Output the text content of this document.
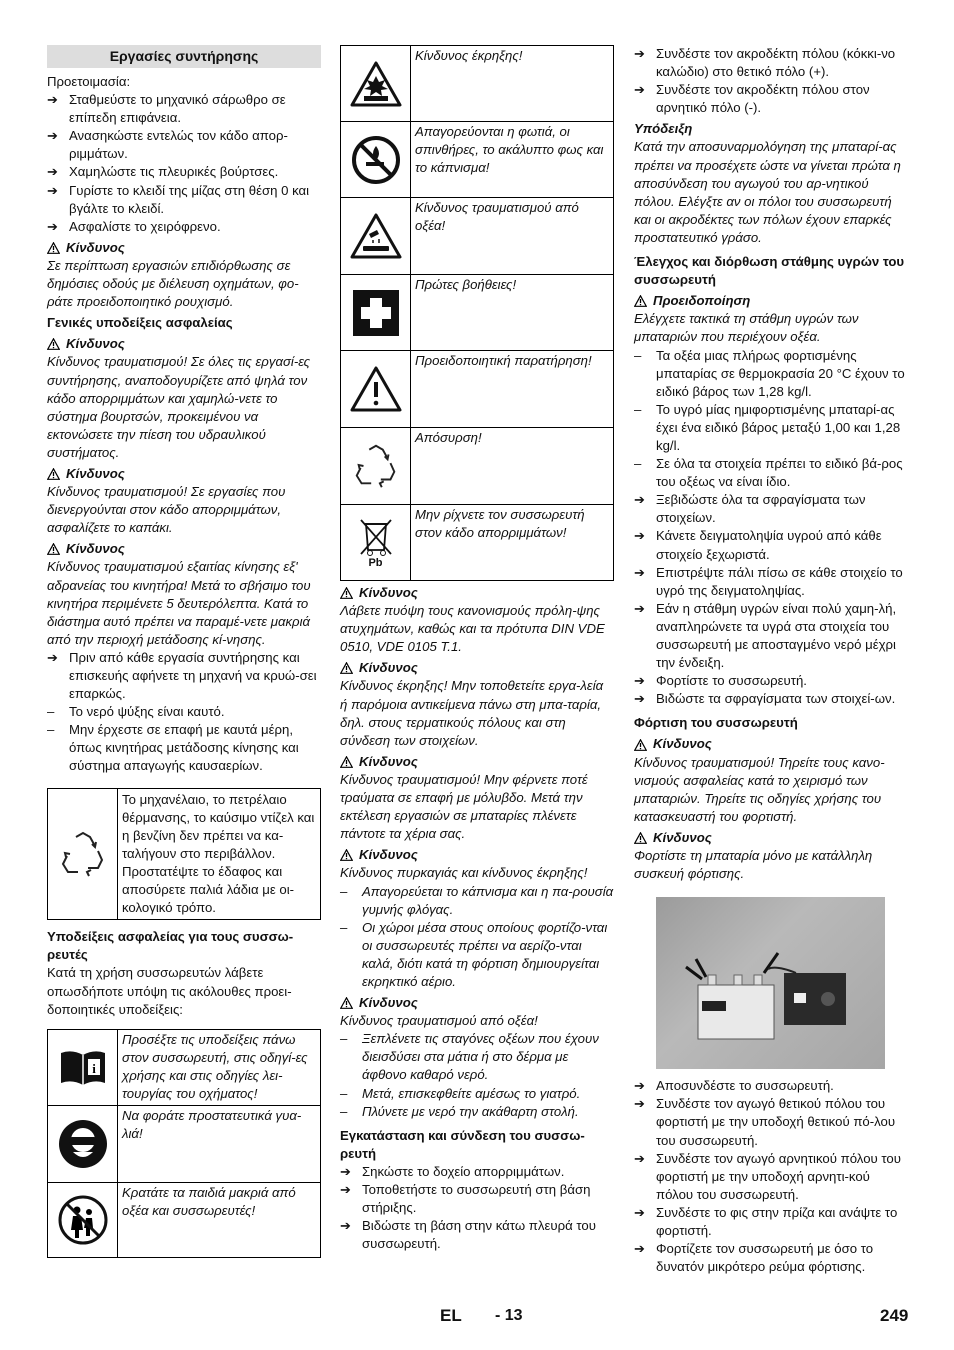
Εργασίες συντήρησης

Προετοιμασία:

➔ Σταθμεύστε το μηχανικό σάρωθρο σε επίπεδη επιφάνεια.
➔ Ανασηκώστε εντελώς τον κάδο απορ-ριμμάτων.
➔ Χαμηλώστε τις πλευρικές βούρτσες.
➔ Γυρίστε το κλειδί της μίζας στη θέση 0 και βγάλτε το κλειδί.
➔ Ασφαλίστε το χειρόφρενο.
Κίνδυνος

Σε περίπτωση εργασιών επιδιόρθωσης σε δημόσιες οδούς με διέλευση οχημάτων, φο-ράτε προειδοποιητικό ρουχισμό.

Γενικές υποδείξεις ασφαλείας

Κίνδυνος

Κίνδυνος τραυματισμού! Σε όλες τις εργασί-ες συντήρησης, αναποδογυρίζετε από ψηλά τον κάδο απορριμμάτων και χαμηλώ-νετε το σύστημα βουρτσών, προκειμένου να εκτονώσετε την πίεση του υδραυλικού συστήματος.

Κίνδυνος

Κίνδυνος τραυματισμού! Σε εργασίες που διενεργούνται στον κάδο απορριμμάτων, ασφαλίζετε το καπάκι.

Κίνδυνος

Κίνδυνος τραυματισμού εξαιτίας κίνησης εξ' αδρανείας του κινητήρα! Μετά το σβήσιμο του κινητήρα περιμένετε 5 δευτερόλεπτα. Κατά το διάστημα αυτό πρέπει να παραμέ-νετε μακριά από την περιοχή μετάδοσης κί-νησης.

➔ Πριν από κάθε εργασία συντήρησης και επισκευής αφήνετε τη μηχανή να κρυώ-σει επαρκώς.
–	Το νερό ψύξης είναι καυτό.
–	Μην έρχεστε σε επαφή με καυτά μέρη, όπως κινητήρας μετάδοσης κίνησης και σύστημα απαγωγής καυσαερίων.
Το μηχανέλαιο, το πετρέλαιο θέρμανσης, το καύσιμο ντίζελ και η βενζίνη δεν πρέπει να κα-ταλήγουν στο περιβάλλον. Προστατέψτε το έδαφος και αποσύρετε παλιά λάδια με οι-κολογικό τρόπο.

Υποδείξεις ασφαλείας για τους συσσω-ρευτές

Κατά τη χρήση συσσωρευτών λάβετε οπωσδήποτε υπόψη τις ακόλουθες προει-δοποιητικές υποδείξεις:

i
Προσέξτε τις υποδείξεις πάνω στον συσσωρευτή, στις οδηγί-ες χρήσης και στις οδηγίες λει-τουργίας του οχήματος!
Να φοράτε προστατευτικά γυα-λιά!
Κρατάτε τα παιδιά μακριά από οξέα και συσσωρευτές!
Κίνδυνος έκρηξης!
Απαγορεύονται η φωτιά, οι σπινθήρες, το ακάλυπτο φως και το κάπνισμα!
Κίνδυνος τραυματισμού από οξέα!
Πρώτες βοήθειες!
Προειδοποιητική παρατήρηση!
Απόσυρση!
Pb
Μην ρίχνετε τον συσσωρευτή στον κάδο απορριμμάτων!
Κίνδυνος

Λάβετε πυόψη τους κανονισμούς πρόλη-ψης ατυχημάτων, καθώς και τα πρότυπα DIN VDE 0510, VDE 0105 T.1.

Κίνδυνος

Κίνδυνος έκρηξης! Μην τοποθετείτε εργα-λεία ή παρόμοια αντικείμενα πάνω στη μπα-ταρία, δηλ. στους τερματικούς πόλους και στη σύνδεση των στοιχείων.

Κίνδυνος

Κίνδυνος τραυματισμού! Μην φέρνετε ποτέ τραύματα σε επαφή με μόλυβδο. Μετά την εκτέλεση εργασιών σε μπαταρίες πλένετε πάντοτε τα χέρια σας.

Κίνδυνος

Κίνδυνος πυρκαγιάς και κίνδυνος έκρηξης!

–	Απαγορεύεται το κάπνισμα και η πα-ρουσία γυμνής φλόγας.
–	Οι χώροι μέσα στους οποίους φορτίζο-νται οι συσσωρευτές πρέπει να αερίζο-νται καλά, διότι κατά τη φόρτιση δημιουργείται εκρηκτικό αέριο.
Κίνδυνος

Κίνδυνος τραυματισμού από οξέα!

–	Ξεπλένετε τις σταγόνες οξέων που έχουν διεισδύσει στα μάτια ή στο δέρμα με άφθονο καθαρό νερό.
–	Μετά, επισκεφθείτε αμέσως το γιατρό.
–	Πλύνετε με νερό την ακάθαρτη στολή.

Εγκατάσταση και σύνδεση του συσσω-ρευτή

➔ Σηκώστε το δοχείο απορριμμάτων.
➔ Τοποθετήστε το συσσωρευτή στη βάση στήριξης.
➔ Βιδώστε τη βάση στην κάτω πλευρά του συσσωρευτή.
➔ Συνδέστε τον ακροδέκτη πόλου (κόκκι-νο καλώδιο) στο θετικό πόλο (+).
➔ Συνδέστε τον ακροδέκτη πόλου στον αρνητικό πόλο (-).

Υπόδειξη

Κατά την αποσυναρμολόγηση της μπαταρί-ας πρέπει να προσέχετε ώστε να γίνεται πρώτα η αποσύνδεση του αγωγού του αρ-νητικού πόλου. Ελέγξτε αν οι πόλοι του συσσωρευτή και οι ακροδέκτες των πόλων έχουν επαρκές προστατευτικό γράσο.

Έλεγχος και διόρθωση στάθμης υγρών του συσσωρευτή

Προειδοποίηση

Ελέγχετε τακτικά τη στάθμη υγρών των μπαταριών που περιέχουν οξέα.

–	Τα οξέα μιας πλήρως φορτισμένης μπαταρίας σε θερμοκρασία 20 °C έχουν το ειδικό βάρος των 1,28 kg/l.
–	Το υγρό μίας ημιφορτισμένης μπαταρί-ας έχει ένα ειδικό βάρος μεταξύ 1,00 και 1,28 kg/l.
–	Σε όλα τα στοιχεία πρέπει το ειδικό βά-ρος του οξέως να είναι ίδιο.
➔ Ξεβιδώστε όλα τα σφραγίσματα των στοιχείων.
➔ Κάνετε δειγματοληψία υγρού από κάθε στοιχείο ξεχωριστά.
➔ Επιστρέψτε πάλι πίσω σε κάθε στοιχείο το υγρό της δειγματοληψίας.
➔ Εάν η στάθμη υγρών είναι πολύ χαμη-λή, αναπληρώνετε τα υγρά στα στοιχεία του συσσωρευτή με αποσταγμένο νερό μέχρι την ένδειξη.
➔ Φορτίστε το συσσωρευτή.
➔ Βιδώστε τα σφραγίσματα των στοιχεί-ων.

Φόρτιση του συσσωρευτή

Κίνδυνος

Κίνδυνος τραυματισμού! Τηρείτε τους κανο-νισμούς ασφαλείας κατά το χειρισμό των μπαταριών. Τηρείτε τις οδηγίες χρήσης του κατασκευαστή του φορτιστή.

Κίνδυνος

Φορτίστε τη μπαταρία μόνο με κατάλληλη συσκευή φόρτισης.

➔ Αποσυνδέστε το συσσωρευτή.
➔ Συνδέστε τον αγωγό θετικού πόλου του φορτιστή με την υποδοχή θετικού πό-λου του συσσωρευτή.
➔ Συνδέστε τον αγωγό αρνητικού πόλου του φορτιστή με την υποδοχή αρνητι-κού πόλου του συσσωρευτή.
➔ Συνδέστε το φις στην πρίζα και ανάψτε το φορτιστή.
➔ Φορτίζετε τον συσσωρευτή με όσο το δυνατόν μικρότερο ρεύμα φόρτισης.
EL - 13	249
